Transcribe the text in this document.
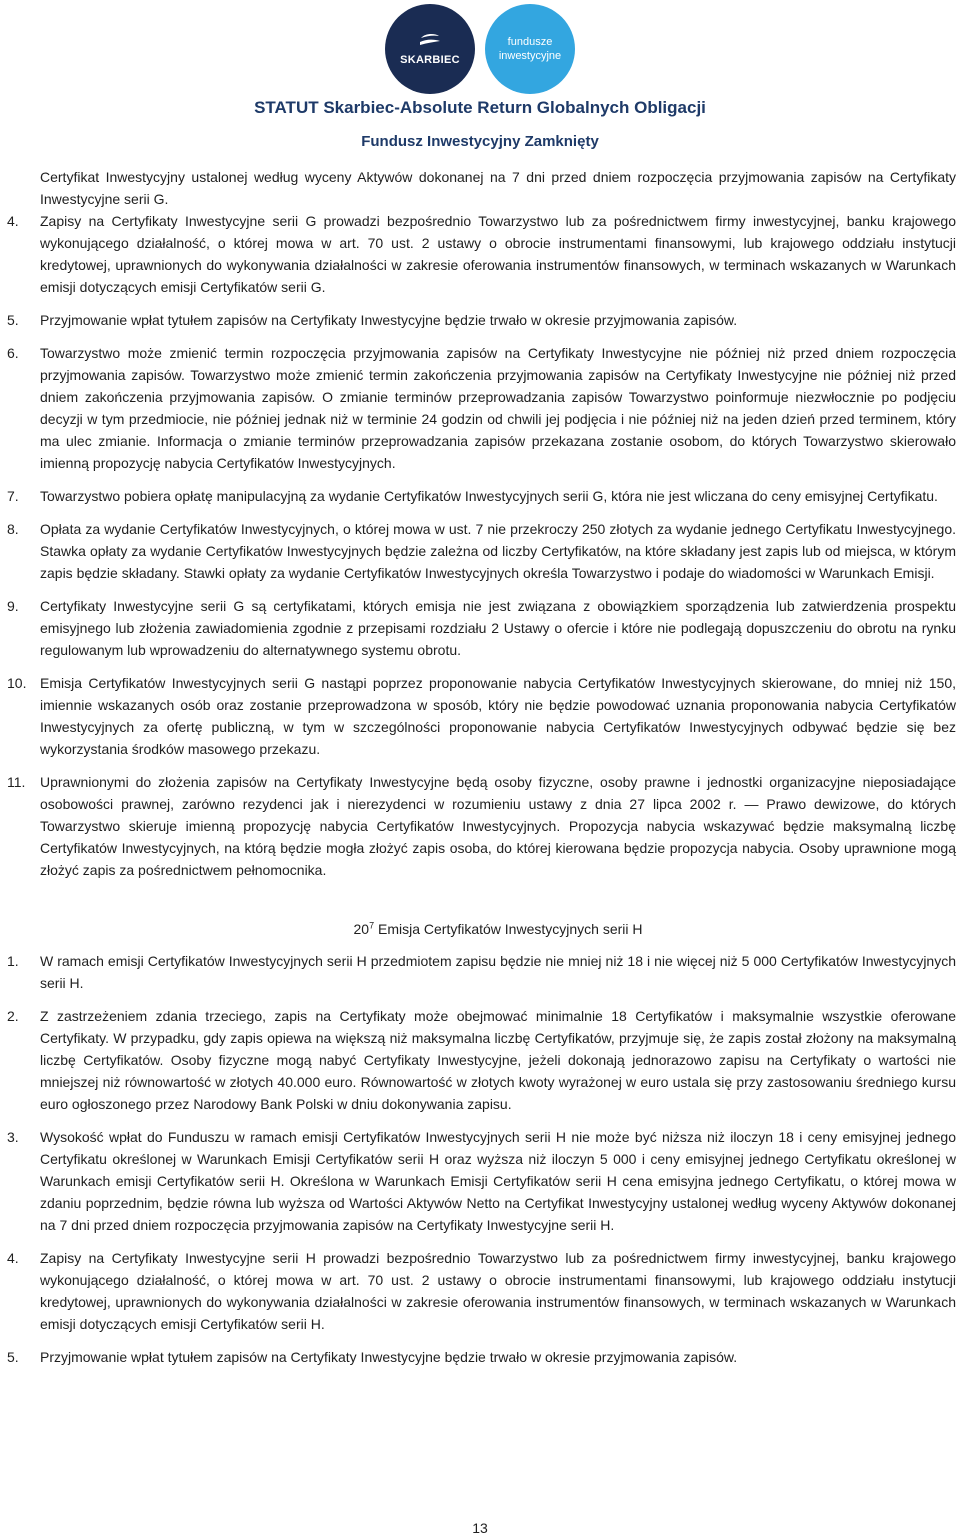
SKARBIEC
fundusze
inwestycyjne
STATUT Skarbiec-Absolute Return Globalnych Obligacji
Fundusz Inwestycyjny Zamknięty

Certyfikat Inwestycyjny ustalonej według wyceny Aktywów dokonanej na 7 dni przed dniem rozpoczęcia przyjmowania zapisów na Certyfikaty Inwestycyjne serii G.

4. Zapisy na Certyfikaty Inwestycyjne serii G prowadzi bezpośrednio Towarzystwo lub za pośrednictwem firmy inwestycyjnej, banku krajowego wykonującego działalność, o której mowa w art. 70 ust. 2 ustawy o obrocie instrumentami finansowymi, lub krajowego oddziału instytucji kredytowej, uprawnionych do wykonywania działalności w zakresie oferowania instrumentów finansowych, w terminach wskazanych w Warunkach emisji dotyczących emisji Certyfikatów serii G.

5. Przyjmowanie wpłat tytułem zapisów na Certyfikaty Inwestycyjne będzie trwało w okresie przyjmowania zapisów.

6. Towarzystwo może zmienić termin rozpoczęcia przyjmowania zapisów na Certyfikaty Inwestycyjne nie później niż przed dniem rozpoczęcia przyjmowania zapisów. Towarzystwo może zmienić termin zakończenia przyjmowania zapisów na Certyfikaty Inwestycyjne nie później niż przed dniem zakończenia przyjmowania zapisów. O zmianie terminów przeprowadzania zapisów Towarzystwo poinformuje niezwłocznie po podjęciu decyzji w tym przedmiocie, nie później jednak niż w terminie 24 godzin od chwili jej podjęcia i nie później niż na jeden dzień przed terminem, który ma ulec zmianie. Informacja o zmianie terminów przeprowadzania zapisów przekazana zostanie osobom, do których Towarzystwo skierowało imienną propozycję nabycia Certyfikatów Inwestycyjnych.

7. Towarzystwo pobiera opłatę manipulacyjną za wydanie Certyfikatów Inwestycyjnych serii G, która nie jest wliczana do ceny emisyjnej Certyfikatu.

8. Opłata za wydanie Certyfikatów Inwestycyjnych, o której mowa w ust. 7 nie przekroczy 250 złotych za wydanie jednego Certyfikatu Inwestycyjnego. Stawka opłaty za wydanie Certyfikatów Inwestycyjnych będzie zależna od liczby Certyfikatów, na które składany jest zapis lub od miejsca, w którym zapis będzie składany. Stawki opłaty za wydanie Certyfikatów Inwestycyjnych określa Towarzystwo i podaje do wiadomości w Warunkach Emisji.

9. Certyfikaty Inwestycyjne serii G są certyfikatami, których emisja nie jest związana z obowiązkiem sporządzenia lub zatwierdzenia prospektu emisyjnego lub złożenia zawiadomienia zgodnie z przepisami rozdziału 2 Ustawy o ofercie i które nie podlegają dopuszczeniu do obrotu na rynku regulowanym lub wprowadzeniu do alternatywnego systemu obrotu.

10. Emisja Certyfikatów Inwestycyjnych serii G nastąpi poprzez proponowanie nabycia Certyfikatów Inwestycyjnych skierowane, do mniej niż 150, imiennie wskazanych osób oraz zostanie przeprowadzona w sposób, który nie będzie powodować uznania proponowania nabycia Certyfikatów Inwestycyjnych za ofertę publiczną, w tym w szczególności proponowanie nabycia Certyfikatów Inwestycyjnych odbywać będzie się bez wykorzystania środków masowego przekazu.

11. Uprawnionymi do złożenia zapisów na Certyfikaty Inwestycyjne będą osoby fizyczne, osoby prawne i jednostki organizacyjne nieposiadające osobowości prawnej, zarówno rezydenci jak i nierezydenci w rozumieniu ustawy z dnia 27 lipca 2002 r. — Prawo dewizowe, do których Towarzystwo skieruje imienną propozycję nabycia Certyfikatów Inwestycyjnych. Propozycja nabycia wskazywać będzie maksymalną liczbę Certyfikatów Inwestycyjnych, na którą będzie mogła złożyć zapis osoba, do której kierowana będzie propozycja nabycia. Osoby uprawnione mogą złożyć zapis za pośrednictwem pełnomocnika.

$20^7$ Emisja Certyfikatów Inwestycyjnych serii H
1. W ramach emisji Certyfikatów Inwestycyjnych serii H przedmiotem zapisu będzie nie mniej niż 18 i nie więcej niż 5 000 Certyfikatów Inwestycyjnych serii H.

2. Z zastrzeżeniem zdania trzeciego, zapis na Certyfikaty może obejmować minimalnie 18 Certyfikatów i maksymalnie wszystkie oferowane Certyfikaty. W przypadku, gdy zapis opiewa na większą niż maksymalna liczbę Certyfikatów, przyjmuje się, że zapis został złożony na maksymalną liczbę Certyfikatów. Osoby fizyczne mogą nabyć Certyfikaty Inwestycyjne, jeżeli dokonają jednorazowo zapisu na Certyfikaty o wartości nie mniejszej niż równowartość w złotych 40.000 euro. Równowartość w złotych kwoty wyrażonej w euro ustala się przy zastosowaniu średniego kursu euro ogłoszonego przez Narodowy Bank Polski w dniu dokonywania zapisu.

3. Wysokość wpłat do Funduszu w ramach emisji Certyfikatów Inwestycyjnych serii H nie może być niższa niż iloczyn 18 i ceny emisyjnej jednego Certyfikatu określonej w Warunkach Emisji Certyfikatów serii H oraz wyższa niż iloczyn 5 000 i ceny emisyjnej jednego Certyfikatu określonej w Warunkach emisji Certyfikatów serii H. Określona w Warunkach Emisji Certyfikatów serii H cena emisyjna jednego Certyfikatu, o której mowa w zdaniu poprzednim, będzie równa lub wyższa od Wartości Aktywów Netto na Certyfikat Inwestycyjny ustalonej według wyceny Aktywów dokonanej na 7 dni przed dniem rozpoczęcia przyjmowania zapisów na Certyfikaty Inwestycyjne serii H.

4. Zapisy na Certyfikaty Inwestycyjne serii H prowadzi bezpośrednio Towarzystwo lub za pośrednictwem firmy inwestycyjnej, banku krajowego wykonującego działalność, o której mowa w art. 70 ust. 2 ustawy o obrocie instrumentami finansowymi, lub krajowego oddziału instytucji kredytowej, uprawnionych do wykonywania działalności w zakresie oferowania instrumentów finansowych, w terminach wskazanych w Warunkach emisji dotyczących emisji Certyfikatów serii H.

5. Przyjmowanie wpłat tytułem zapisów na Certyfikaty Inwestycyjne będzie trwało w okresie przyjmowania zapisów.

13
